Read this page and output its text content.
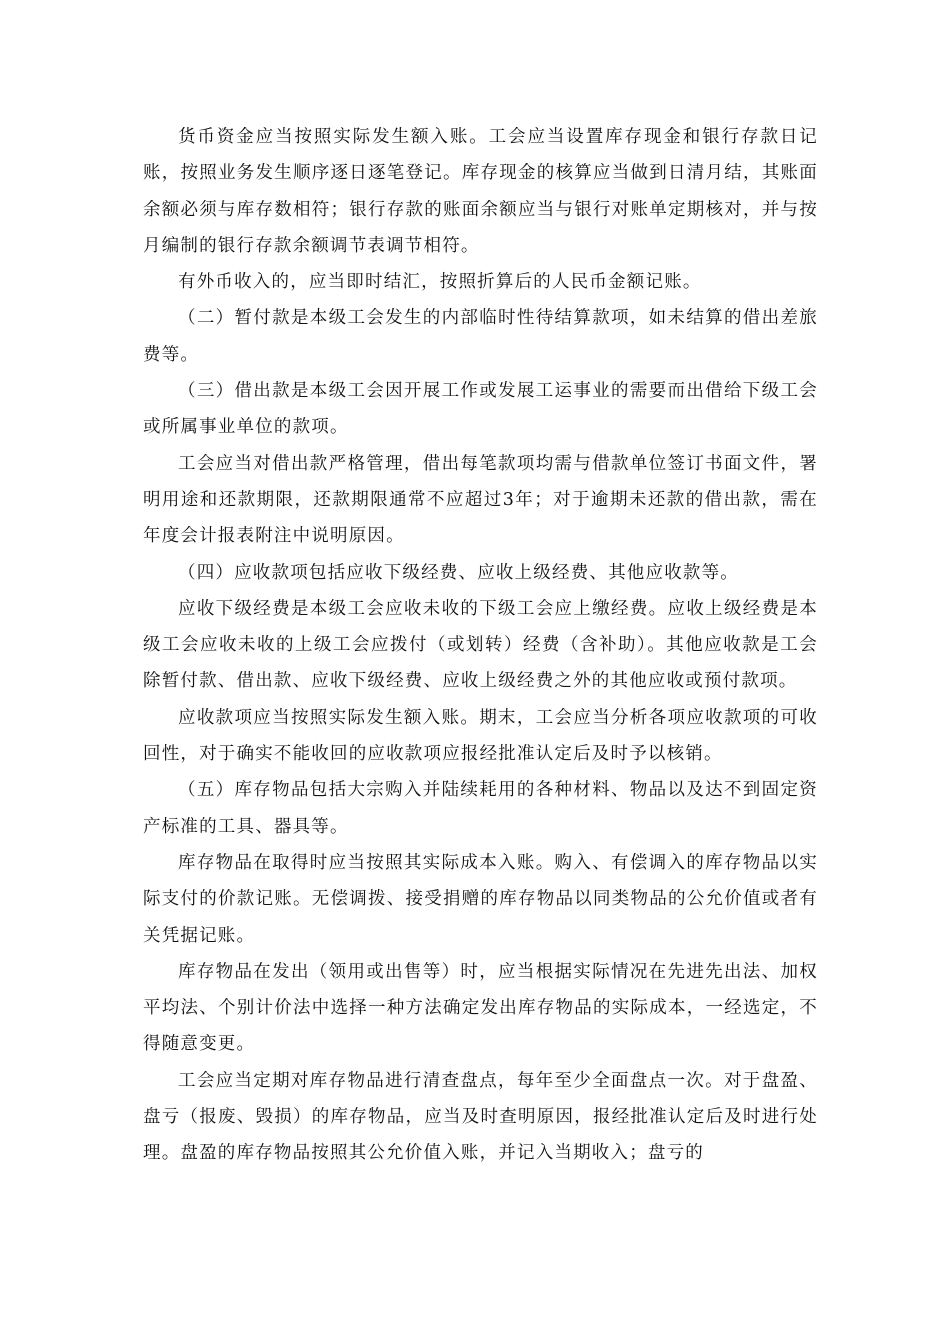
货币资金应当按照实际发生额入账。工会应当设置库存现金和银行存款日记账，按照业务发生顺序逐日逐笔登记。库存现金的核算应当做到日清月结，其账面余额必须与库存数相符；银行存款的账面余额应当与银行对账单定期核对，并与按月编制的银行存款余额调节表调节相符。

有外币收入的，应当即时结汇，按照折算后的人民币金额记账。

（二）暂付款是本级工会发生的内部临时性待结算款项，如未结算的借出差旅费等。

（三）借出款是本级工会因开展工作或发展工运事业的需要而出借给下级工会或所属事业单位的款项。

工会应当对借出款严格管理，借出每笔款项均需与借款单位签订书面文件，署明用途和还款期限，还款期限通常不应超过3年；对于逾期未还款的借出款，需在年度会计报表附注中说明原因。

（四）应收款项包括应收下级经费、应收上级经费、其他应收款等。

应收下级经费是本级工会应收未收的下级工会应上缴经费。应收上级经费是本级工会应收未收的上级工会应拨付（或划转）经费（含补助）。其他应收款是工会除暂付款、借出款、应收下级经费、应收上级经费之外的其他应收或预付款项。

应收款项应当按照实际发生额入账。期末，工会应当分析各项应收款项的可收回性，对于确实不能收回的应收款项应报经批准认定后及时予以核销。

（五）库存物品包括大宗购入并陆续耗用的各种材料、物品以及达不到固定资产标准的工具、器具等。

库存物品在取得时应当按照其实际成本入账。购入、有偿调入的库存物品以实际支付的价款记账。无偿调拨、接受捐赠的库存物品以同类物品的公允价值或者有关凭据记账。

库存物品在发出（领用或出售等）时，应当根据实际情况在先进先出法、加权平均法、个别计价法中选择一种方法确定发出库存物品的实际成本，一经选定，不得随意变更。

工会应当定期对库存物品进行清查盘点，每年至少全面盘点一次。对于盘盈、盘亏（报废、毁损）的库存物品，应当及时查明原因，报经批准认定后及时进行处理。盘盈的库存物品按照其公允价值入账，并记入当期收入；盘亏的
